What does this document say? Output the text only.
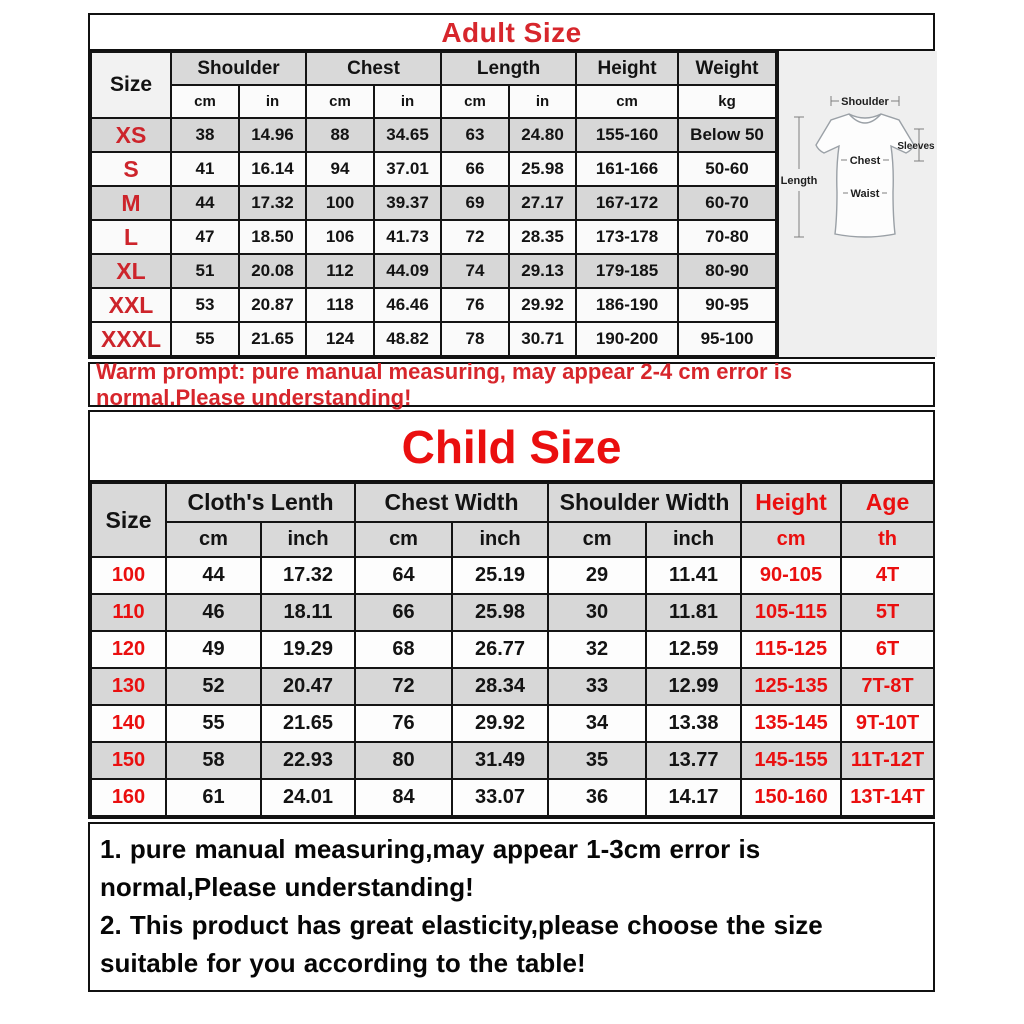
Adult Size
Size	Shoulder		Chest		Length		Height	Weight
	cm	in	cm	in	cm	in	cm	kg
XS	38	14.96	88	34.65	63	24.80	155-160	Below 50
S	41	16.14	94	37.01	66	25.98	161-166	50-60
M	44	17.32	100	39.37	69	27.17	167-172	60-70
L	47	18.50	106	41.73	72	28.35	173-178	70-80
XL	51	20.08	112	44.09	74	29.13	179-185	80-90
XXL	53	20.87	118	46.46	76	29.92	186-190	90-95
XXXL	55	21.65	124	48.82	78	30.71	190-200	95-100
Shoulder
Length
Sleeves
Chest
Waist
Warm prompt: pure manual measuring, may appear 2-4 cm error is normal.Please understanding!
Child Size
Size	Cloth's Lenth		Chest Width		Shoulder Width		Height	Age
	cm	inch	cm	inch	cm	inch	cm	th
100	44	17.32	64	25.19	29	11.41	90-105	4T
110	46	18.11	66	25.98	30	11.81	105-115	5T
120	49	19.29	68	26.77	32	12.59	115-125	6T
130	52	20.47	72	28.34	33	12.99	125-135	7T-8T
140	55	21.65	76	29.92	34	13.38	135-145	9T-10T
150	58	22.93	80	31.49	35	13.77	145-155	11T-12T
160	61	24.01	84	33.07	36	14.17	150-160	13T-14T

1. pure manual measuring,may appear 1-3cm error is normal,Please understanding!

2. This product has great elasticity,please choose the size suitable for you according to the table!
